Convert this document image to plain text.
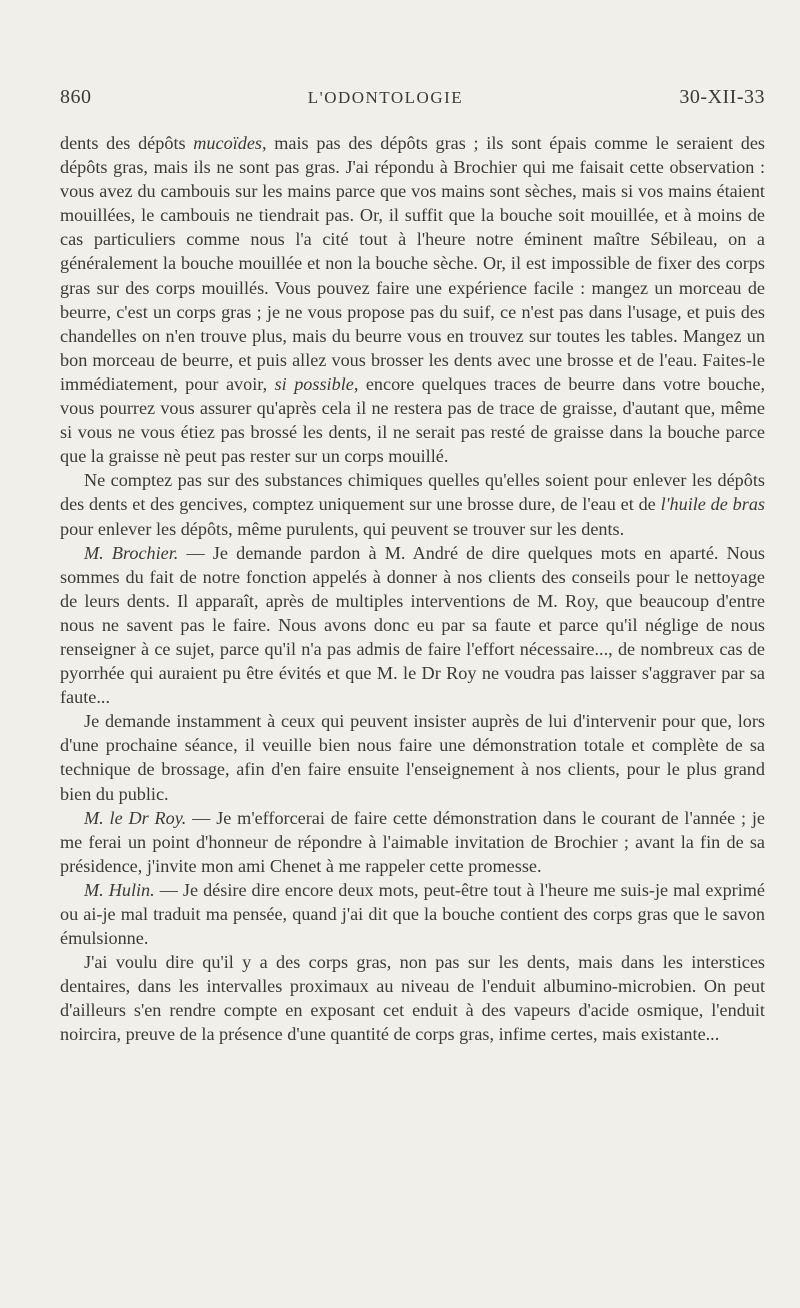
860	L'ODONTOLOGIE	30-XII-33

dents des dépôts mucoïdes, mais pas des dépôts gras ; ils sont épais comme le seraient des dépôts gras, mais ils ne sont pas gras. J'ai répondu à Brochier qui me faisait cette observation : vous avez du cambouis sur les mains parce que vos mains sont sèches, mais si vos mains étaient mouillées, le cambouis ne tiendrait pas. Or, il suffit que la bouche soit mouillée, et à moins de cas particuliers comme nous l'a cité tout à l'heure notre éminent maître Sébileau, on a généralement la bouche mouillée et non la bouche sèche. Or, il est impossible de fixer des corps gras sur des corps mouillés. Vous pouvez faire une expérience facile : mangez un morceau de beurre, c'est un corps gras ; je ne vous propose pas du suif, ce n'est pas dans l'usage, et puis des chandelles on n'en trouve plus, mais du beurre vous en trouvez sur toutes les tables. Mangez un bon morceau de beurre, et puis allez vous brosser les dents avec une brosse et de l'eau. Faites-le immédiatement, pour avoir, si possible, encore quelques traces de beurre dans votre bouche, vous pourrez vous assurer qu'après cela il ne restera pas de trace de graisse, d'autant que, même si vous ne vous étiez pas brossé les dents, il ne serait pas resté de graisse dans la bouche parce que la graisse nè peut pas rester sur un corps mouillé.

Ne comptez pas sur des substances chimiques quelles qu'elles soient pour enlever les dépôts des dents et des gencives, comptez uniquement sur une brosse dure, de l'eau et de l'huile de bras pour enlever les dépôts, même purulents, qui peuvent se trouver sur les dents.

M. Brochier. — Je demande pardon à M. André de dire quelques mots en aparté. Nous sommes du fait de notre fonction appelés à donner à nos clients des conseils pour le nettoyage de leurs dents. Il apparaît, après de multiples interventions de M. Roy, que beaucoup d'entre nous ne savent pas le faire. Nous avons donc eu par sa faute et parce qu'il néglige de nous renseigner à ce sujet, parce qu'il n'a pas admis de faire l'effort nécessaire..., de nombreux cas de pyorrhée qui auraient pu être évités et que M. le Dr Roy ne voudra pas laisser s'aggraver par sa faute...

Je demande instamment à ceux qui peuvent insister auprès de lui d'intervenir pour que, lors d'une prochaine séance, il veuille bien nous faire une démonstration totale et complète de sa technique de brossage, afin d'en faire ensuite l'enseignement à nos clients, pour le plus grand bien du public.

M. le Dr Roy. — Je m'efforcerai de faire cette démonstration dans le courant de l'année ; je me ferai un point d'honneur de répondre à l'aimable invitation de Brochier ; avant la fin de sa présidence, j'invite mon ami Chenet à me rappeler cette promesse.

M. Hulin. — Je désire dire encore deux mots, peut-être tout à l'heure me suis-je mal exprimé ou ai-je mal traduit ma pensée, quand j'ai dit que la bouche contient des corps gras que le savon émulsionne.

J'ai voulu dire qu'il y a des corps gras, non pas sur les dents, mais dans les interstices dentaires, dans les intervalles proximaux au niveau de l'enduit albumino-microbien. On peut d'ailleurs s'en rendre compte en exposant cet enduit à des vapeurs d'acide osmique, l'enduit noircira, preuve de la présence d'une quantité de corps gras, infime certes, mais existante...
